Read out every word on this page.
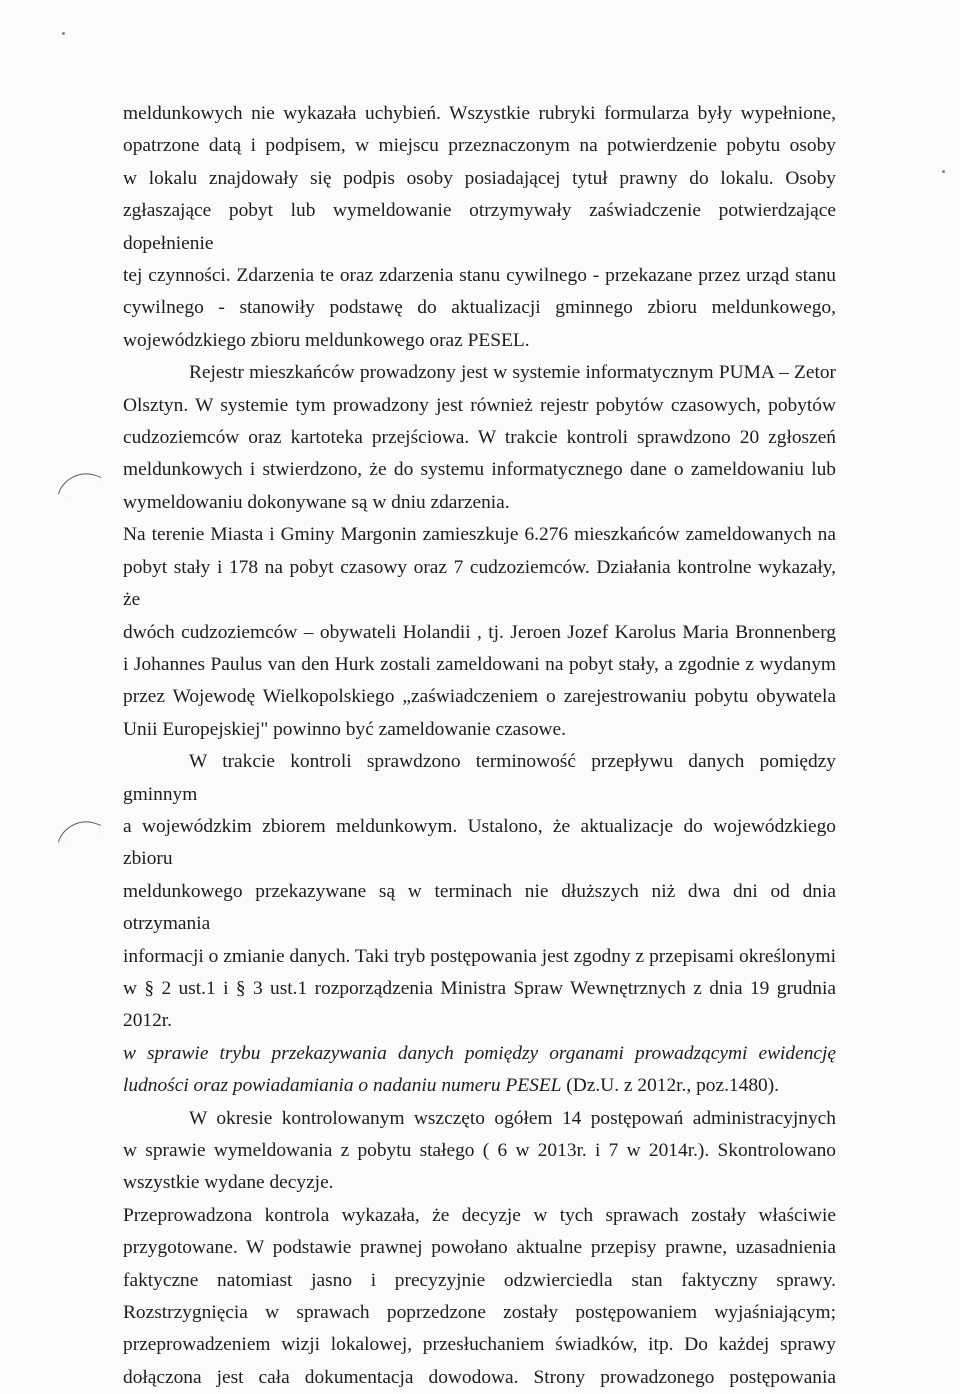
meldunkowych nie wykazała uchybień. Wszystkie rubryki formularza były wypełnione,

opatrzone datą i podpisem, w miejscu przeznaczonym na potwierdzenie pobytu osoby

w lokalu znajdowały się podpis osoby posiadającej tytuł prawny do lokalu. Osoby

zgłaszające pobyt lub wymeldowanie otrzymywały zaświadczenie potwierdzające dopełnienie

tej czynności. Zdarzenia te oraz zdarzenia stanu cywilnego - przekazane przez urząd stanu

cywilnego - stanowiły podstawę do aktualizacji gminnego zbioru meldunkowego,

wojewódzkiego zbioru meldunkowego oraz PESEL.

Rejestr mieszkańców prowadzony jest w systemie informatycznym PUMA – Zetor

Olsztyn. W systemie tym prowadzony jest również rejestr pobytów czasowych, pobytów

cudzoziemców oraz kartoteka przejściowa. W trakcie kontroli sprawdzono 20 zgłoszeń

meldunkowych i stwierdzono, że do systemu informatycznego dane o zameldowaniu lub

wymeldowaniu dokonywane są w dniu zdarzenia.

Na terenie Miasta i Gminy Margonin zamieszkuje 6.276 mieszkańców zameldowanych na

pobyt stały i 178 na pobyt czasowy oraz 7 cudzoziemców. Działania kontrolne wykazały, że

dwóch cudzoziemców – obywateli Holandii , tj. Jeroen Jozef Karolus Maria Bronnenberg

i Johannes Paulus van den Hurk zostali zameldowani na pobyt stały, a zgodnie z wydanym

przez Wojewodę Wielkopolskiego „zaświadczeniem o zarejestrowaniu pobytu obywatela

Unii Europejskiej" powinno być zameldowanie czasowe.

W trakcie kontroli sprawdzono terminowość przepływu danych pomiędzy gminnym

a wojewódzkim zbiorem meldunkowym. Ustalono, że aktualizacje do wojewódzkiego zbioru

meldunkowego przekazywane są w terminach nie dłuższych niż dwa dni od dnia otrzymania

informacji o zmianie danych. Taki tryb postępowania jest zgodny z przepisami określonymi

w § 2 ust.1 i § 3 ust.1 rozporządzenia Ministra Spraw Wewnętrznych z dnia 19 grudnia 2012r.

w sprawie trybu przekazywania danych pomiędzy organami prowadzącymi ewidencję

ludności oraz powiadamiania o nadaniu numeru PESEL (Dz.U. z 2012r., poz.1480).

W okresie kontrolowanym wszczęto ogółem 14 postępowań administracyjnych

w sprawie wymeldowania z pobytu stałego ( 6 w 2013r. i 7 w 2014r.). Skontrolowano

wszystkie wydane decyzje.

Przeprowadzona kontrola wykazała, że decyzje w tych sprawach zostały właściwie

przygotowane. W podstawie prawnej powołano aktualne przepisy prawne, uzasadnienia

faktyczne natomiast jasno i precyzyjnie odzwierciedla stan faktyczny sprawy.

Rozstrzygnięcia w sprawach poprzedzone zostały postępowaniem wyjaśniającym;

przeprowadzeniem wizji lokalowej, przesłuchaniem świadków, itp. Do każdej sprawy

dołączona jest cała dokumentacja dowodowa. Strony prowadzonego postępowania
